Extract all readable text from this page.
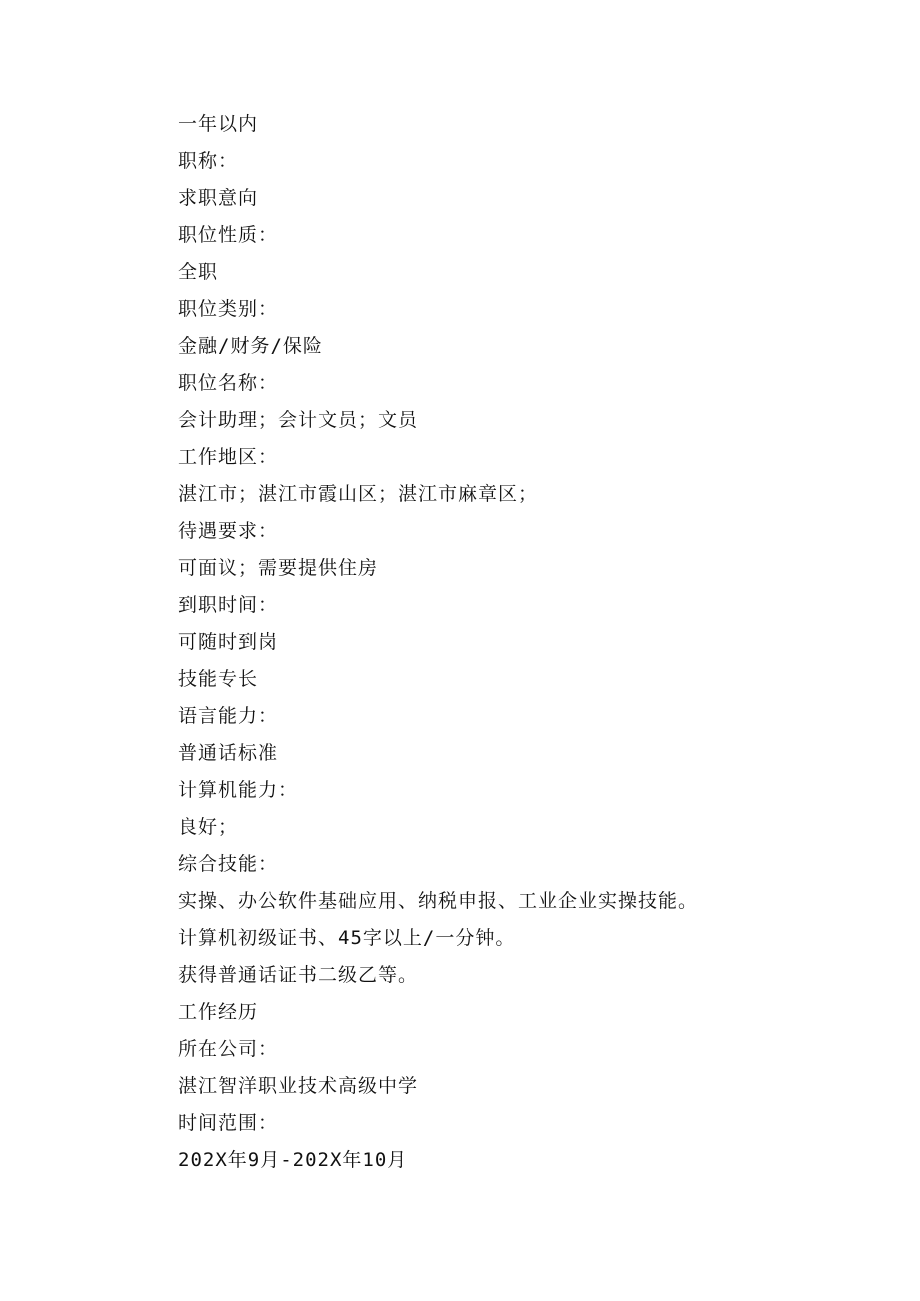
一年以内
职称：
求职意向
职位性质：
全职
职位类别：
金融/财务/保险
职位名称：
会计助理；会计文员；文员
工作地区：
湛江市；湛江市霞山区；湛江市麻章区；
待遇要求：
可面议；需要提供住房
到职时间：
可随时到岗
技能专长
语言能力：
普通话标准
计算机能力：
良好；
综合技能：
实操、办公软件基础应用、纳税申报、工业企业实操技能。
计算机初级证书、45字以上/一分钟。
获得普通话证书二级乙等。
工作经历
所在公司：
湛江智洋职业技术高级中学
时间范围：
202X年9月-202X年10月
